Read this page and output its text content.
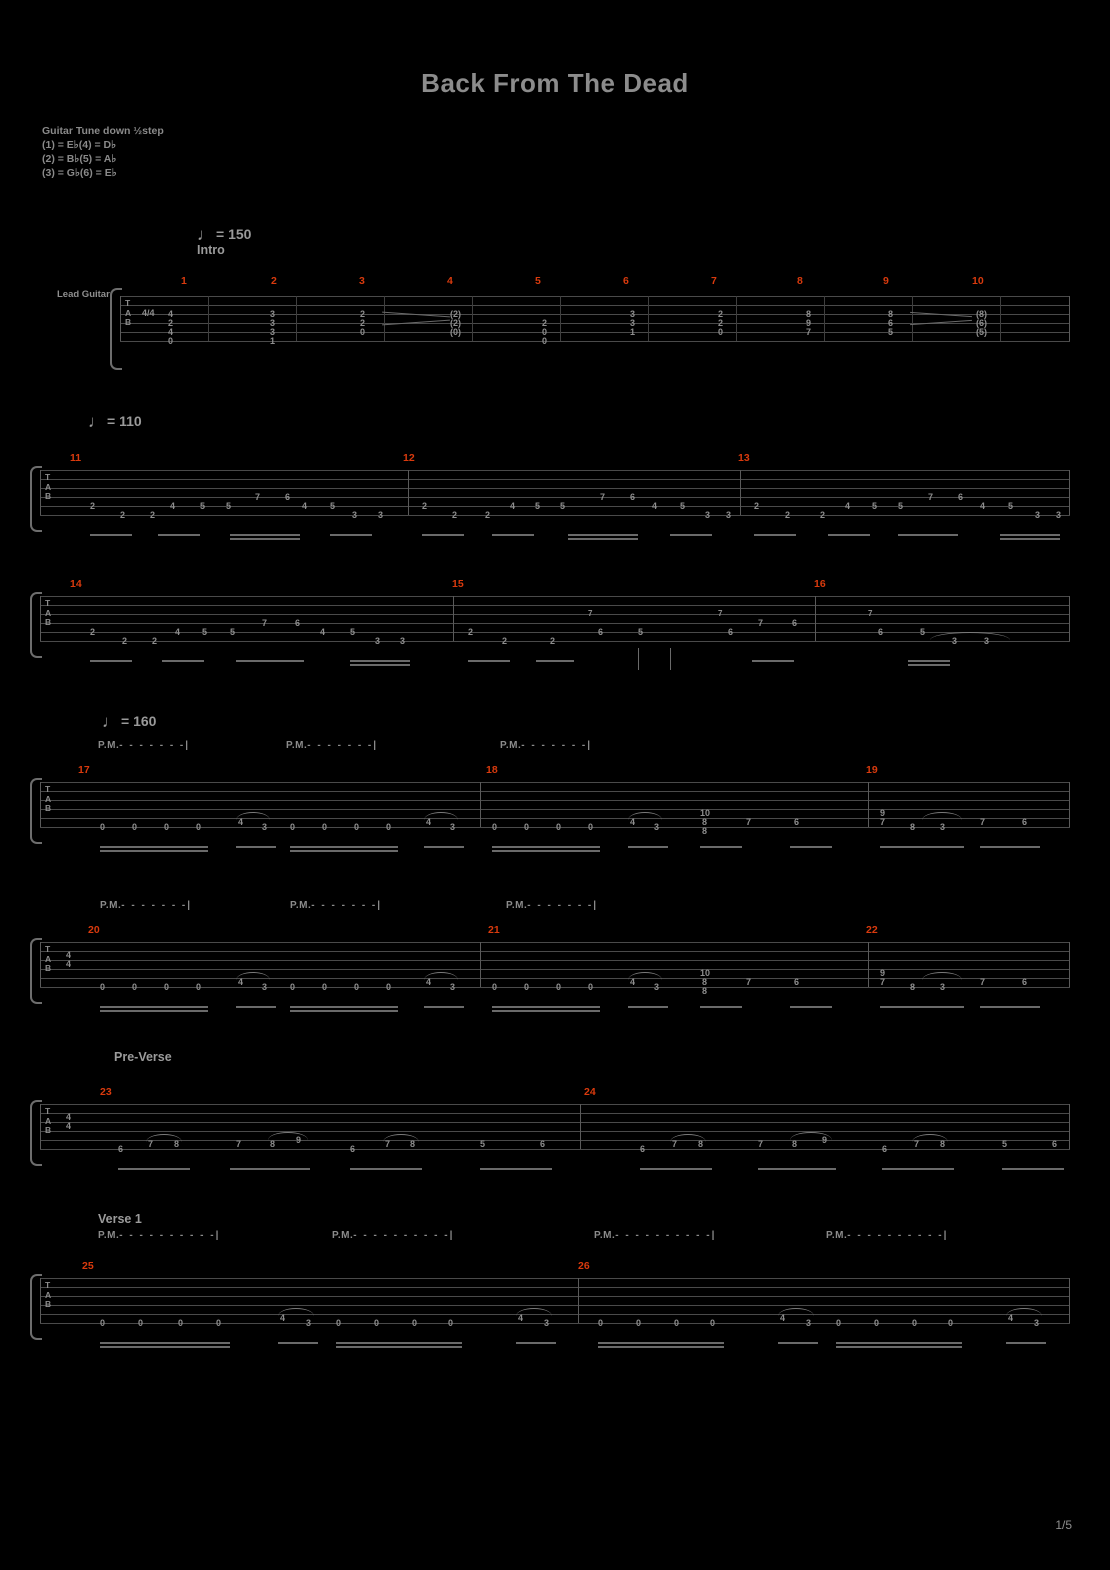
Back From The Dead
Guitar Tune down ½step
(1) = E♭(4) = D♭
(2) = B♭(5) = A♭
(3) = G♭(6) = E♭
♩ = 150
Intro
Lead Guitar
T
A
B
4/4 4
2
4
0
3
3
3
1
2
2
0
(2)
(2)
(0)
2
0
0
3
3
1
2
2
0
8
9
7
8
6
5
(8)
(6)
(5)
1	2	3	4	5	6	7	8	9	10
♩ = 110
T
A
B
2
2	2
4	5 5
7	6
4	5
3 3
2
2	2
4 5 5
7	6
4	5
3 3
2
2	2
4 5 5
7	6
4	5
3 3
11	12	13
T
A
B
2
2	2
4 5	5
7	6
4	5
3 3
2
2	2
7
6	5
7
6
7	6
7
6	5
3	3
14	15	16
♩ = 160
P.M.- - - - - - -|	P.M.- - - - - - -|	P.M.- - - - - - -|
T
A
B
0	0	0	0	4 3	0	0	0	0	4 3	0	0	0	0	4 3
10
8
8
7	6
9
7	8	3	7	6
17	18	19
P.M.- - - - - - -|	P.M.- - - - - - -|	P.M.- - - - - - -|
T
A
B
4
4
0	0	0	0	4 3	0	0	0	0	4 3	0	0	0	0	4 3
10
8
8
7	6
9
7	8	3	7	6
20	21	22
Pre-Verse
T
A
B
4
4
6	7 8	7	8 9
6	7 8	5	6	6	7 8	7	8	9
6	7 8	5	6
23	24
Verse 1
P.M.- - - - - - - - - -|	P.M.- - - - - - - - - -|	P.M.- - - - - - - - - -|	P.M.- - - - - - - - - -|
T
A
B
0	0	0	0	4 3	0	0	0	0	4 3	0	0	0	0	4 3	0	0	0	0	4 3
25	26
1/5
